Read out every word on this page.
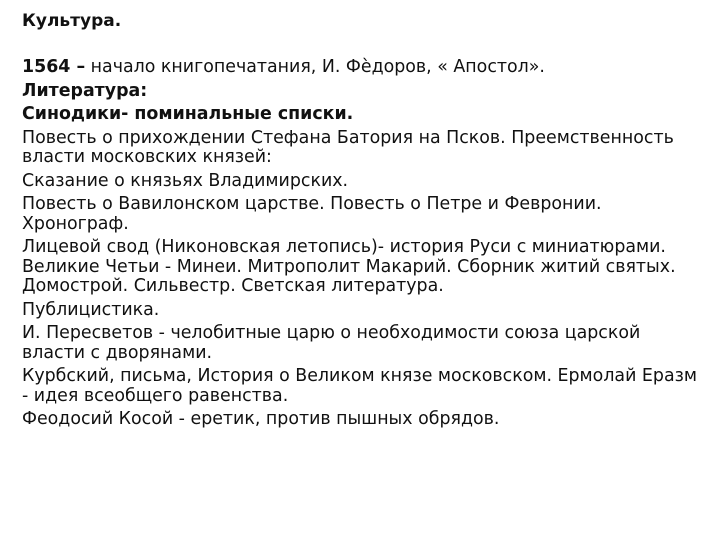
Культура.
1564 – начало книгопечатания, И. Фѐдоров, « Апостол».
Литература:
Синодики- поминальные списки.
Повесть о прихождении Стефана Батория на Псков. Преемственность власти московских князей:
Сказание о князьях Владимирских.
Повесть о Вавилонском царстве. Повесть о Петре и Февронии. Хронограф.
Лицевой свод (Никоновская летопись)- история Руси с миниатюрами. Великие Четьи - Минеи. Митрополит Макарий. Сборник житий святых. Домострой. Сильвестр. Светская литература.
Публицистика.
И. Пересветов - челобитные царю о необходимости союза царской власти с дворянами.
Курбский, письма, История о Великом князе московском. Ермолай Еразм - идея всеобщего равенства.
Феодосий Косой - еретик, против пышных обрядов.
